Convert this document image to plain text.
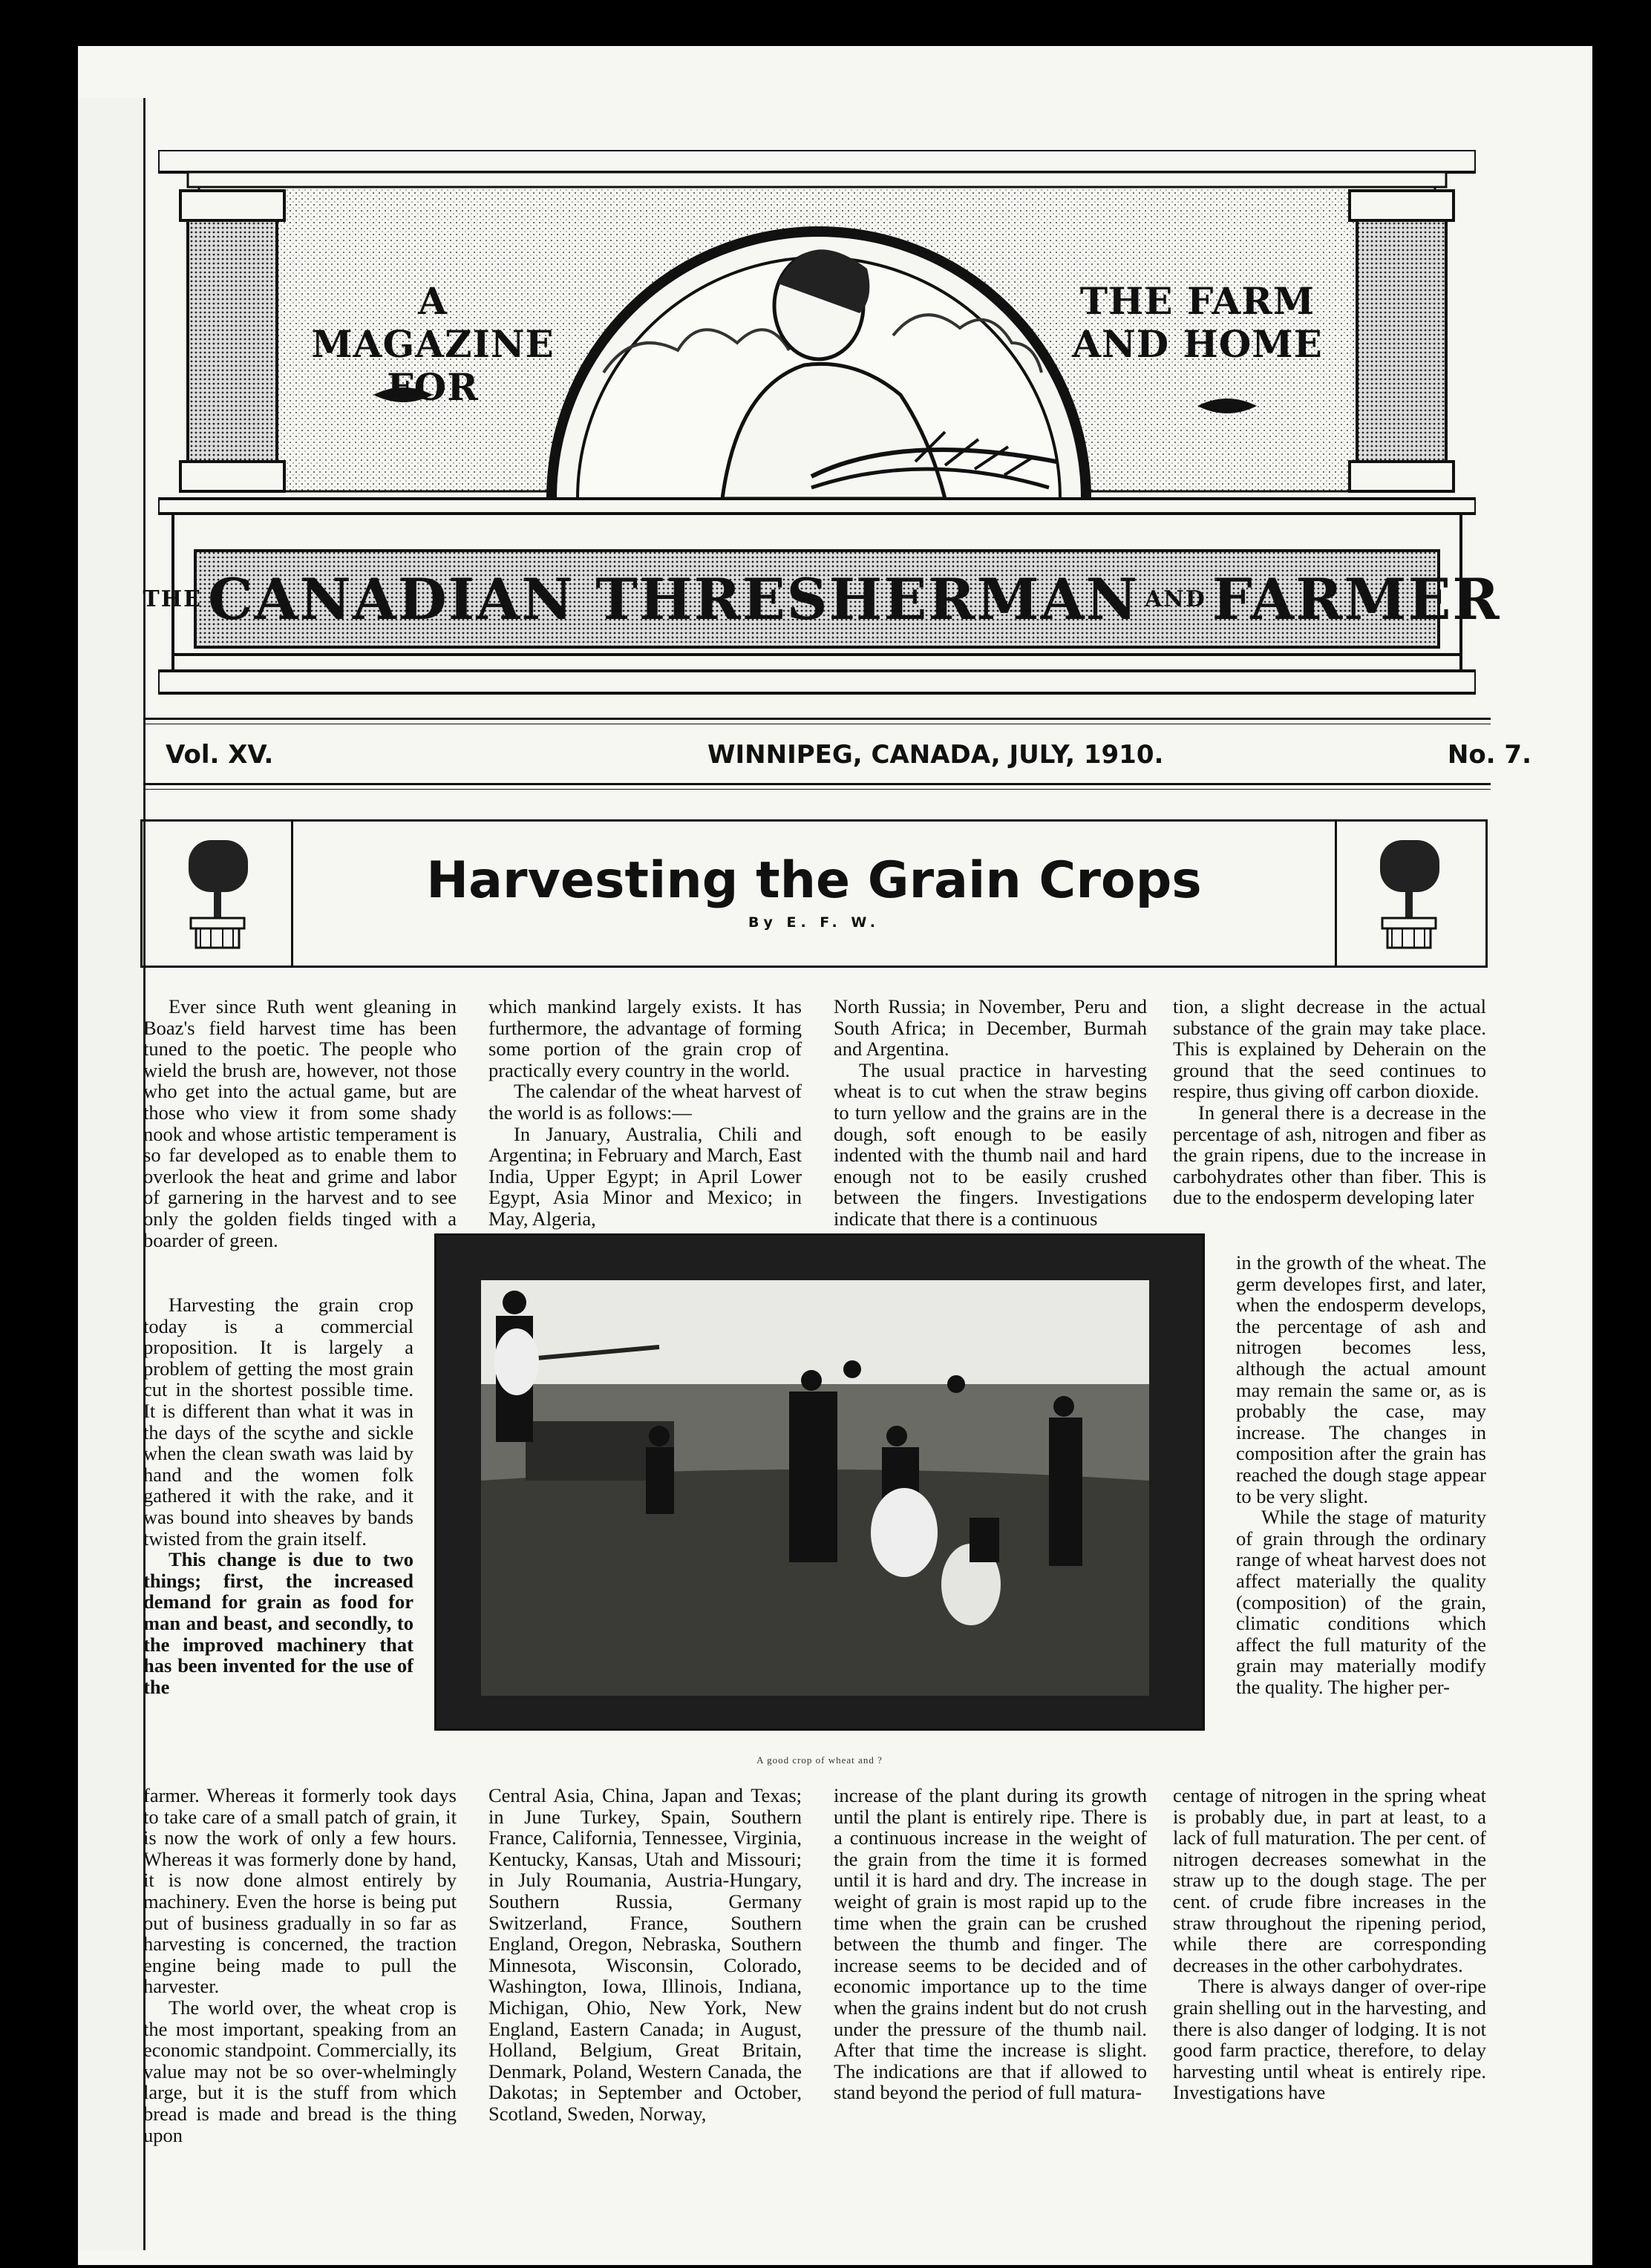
A MAGAZINE
FOR
THE FARM
AND HOME
THE CANADIAN THRESHERMAN AND FARMER
Vol. XV.	WINNIPEG, CANADA, JULY, 1910.	No. 7.
Harvesting the Grain Crops
By E. F. W.

Ever since Ruth went gleaning in Boaz's field harvest time has been tuned to the poetic. The people who wield the brush are, however, not those who get into the actual game, but are those who view it from some shady nook and whose artistic temperament is so far developed as to enable them to overlook the heat and grime and labor of garnering in the harvest and to see only the golden fields tinged with a boarder of green.

Harvesting the grain crop today is a commercial proposition. It is largely a problem of getting the most grain cut in the shortest possible time. It is different than what it was in the days of the scythe and sickle when the clean swath was laid by hand and the women folk gathered it with the rake, and it was bound into sheaves by bands twisted from the grain itself.

This change is due to two things; first, the increased demand for grain as food for man and beast, and secondly, to the improved machinery that has been invented for the use of the

farmer. Whereas it formerly took days to take care of a small patch of grain, it is now the work of only a few hours. Whereas it was formerly done by hand, it is now done almost entirely by machinery. Even the horse is being put out of business gradually in so far as harvesting is concerned, the traction engine being made to pull the harvester.

The world over, the wheat crop is the most important, speaking from an economic standpoint. Commercially, its value may not be so over-whelmingly large, but it is the stuff from which bread is made and bread is the thing upon

which mankind largely exists. It has furthermore, the advantage of forming some portion of the grain crop of practically every country in the world.

The calendar of the wheat harvest of the world is as follows:—

In January, Australia, Chili and Argentina; in February and March, East India, Upper Egypt; in April Lower Egypt, Asia Minor and Mexico; in May, Algeria,

Central Asia, China, Japan and Texas; in June Turkey, Spain, Southern France, California, Tennessee, Virginia, Kentucky, Kansas, Utah and Missouri; in July Roumania, Austria-Hungary, Southern Russia, Germany Switzerland, France, Southern England, Oregon, Nebraska, Southern Minnesota, Wisconsin, Colorado, Washington, Iowa, Illinois, Indiana, Michigan, Ohio, New York, New England, Eastern Canada; in August, Holland, Belgium, Great Britain, Denmark, Poland, Western Canada, the Dakotas; in September and October, Scotland, Sweden, Norway,

North Russia; in November, Peru and South Africa; in December, Burmah and Argentina.

The usual practice in harvesting wheat is to cut when the straw begins to turn yellow and the grains are in the dough, soft enough to be easily indented with the thumb nail and hard enough not to be easily crushed between the fingers. Investigations indicate that there is a continuous

increase of the plant during its growth until the plant is entirely ripe. There is a continuous increase in the weight of the grain from the time it is formed until it is hard and dry. The increase in weight of grain is most rapid up to the time when the grain can be crushed between the thumb and finger. The increase seems to be decided and of economic importance up to the time when the grains indent but do not crush under the pressure of the thumb nail. After that time the increase is slight. The indications are that if allowed to stand beyond the period of full matura-

tion, a slight decrease in the actual substance of the grain may take place. This is explained by Deherain on the ground that the seed continues to respire, thus giving off carbon dioxide.

In general there is a decrease in the percentage of ash, nitrogen and fiber as the grain ripens, due to the increase in carbohydrates other than fiber. This is due to the endosperm developing later

in the growth of the wheat. The germ developes first, and later, when the endosperm develops, the percentage of ash and nitrogen becomes less, although the actual amount may remain the same or, as is probably the case, may increase. The changes in composition after the grain has reached the dough stage appear to be very slight.

While the stage of maturity of grain through the ordinary range of wheat harvest does not affect materially the quality (composition) of the grain, climatic conditions which affect the full maturity of the grain may materially modify the quality. The higher per-

centage of nitrogen in the spring wheat is probably due, in part at least, to a lack of full maturation. The per cent. of nitrogen decreases somewhat in the straw up to the dough stage. The per cent. of crude fibre increases in the straw throughout the ripening period, while there are corresponding decreases in the other carbohydrates.

There is always danger of over-ripe grain shelling out in the harvesting, and there is also danger of lodging. It is not good farm practice, therefore, to delay harvesting until wheat is entirely ripe. Investigations have

A good crop of wheat and ?
